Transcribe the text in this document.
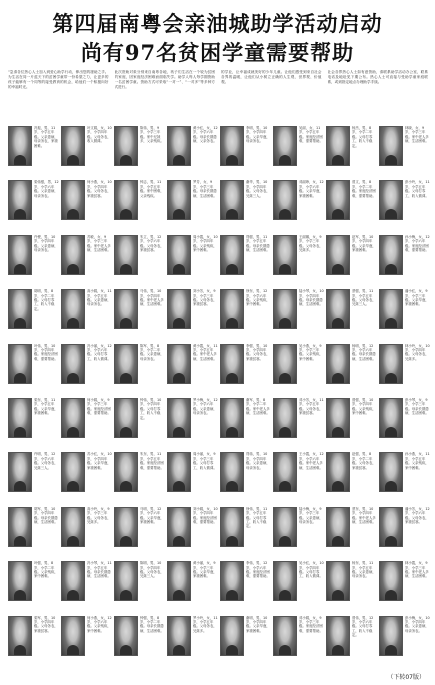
第四届南粤会亲油城助学活动启动
尚有97名贫困学童需要帮助
“急请各位热心人士加入到爱心助学行动，伸出您的援助之手。为生活在同一片蓝天下的贫困学童带一份希望之力，让更多的孩子能够有一个同等的接受教育的机会，给他们一个积极向好的幸福时光。
此次资助对象分别来自南粤各地，孩子们生活在一个较为贫困的家庭，因家庭经济困难而面临失学。助学人每人每学期资助一名贫困学童。资助方式可采取“一对一”、“一对多”等多种方式进行。
的学业，让幸福成就美好的少年儿童。让他们感受到来自社会各界的温暖，让他们从小树立正确的人生观、世界观、价值观。
社会各界热心人士如有意资助，请联系助学活动办公室，联系电话及地址见下期公布。热心人士可直接与受助学童家庭联系，或到指定地点办理助学手续。
冯振，男，11岁，小学五年级。父亲患病，母亲务农，家境困难。
叶文娟，女，10岁，小学四年级。父母务农，收入微薄。
陈伟，男，9岁，小学三年级。家中兄妹多，父亲残疾。
黄小红，女，12岁，小学六年级。母亲长期患病，父亲务农。
李明，男，10岁，小学四年级。父亲早逝，母亲务农。
吴丽，女，11岁，小学五年级。家庭经济困难，需要帮助。
杨杰，男，8岁，小学二年级。父母打零工，收入不稳定。
林晓，女，9岁，小学三年级。家中老人多病，生活困难。
梁伟强，男，12岁，小学六年级。父亲患病，母亲务农。
何小燕，女，10岁，小学四年级。父母务农，家境贫寒。
钟志，男，11岁，小学五年级。家中困难，父亲残疾。
罗芳，女，9岁，小学三年级。母亲长期患病，生活困难。
谢华，男，10岁，小学四年级。父母务农，兄妹三人。
邓丽珍，女，12岁，小学六年级。父亲早逝，家境困难。
曾文，男，8岁，小学二年级。家庭经济困难，需要帮助。
彭小玲，女，11岁，小学五年级。父母打零工，收入微薄。
许俊，男，10岁，小学四年级。父亲患病，母亲务农。
苏敏，女，9岁，小学三年级。家中老人多病，生活困难。
朱立，男，12岁，小学六年级。父母务农，家境贫寒。
周小霞，女，10岁，小学四年级。父亲残疾，家中困难。
郑强，男，11岁，小学五年级。母亲长期患病，生活困难。
王丽娜，女，9岁，小学三年级。父母务农，兄妹多。
赵军，男，10岁，小学四年级。父亲早逝，家境困难。
孙小梅，女，12岁，小学六年级。家庭经济困难，需要帮助。
胡明，男，8岁，小学二年级。父母打零工，收入不稳定。
高小娟，女，11岁，小学五年级。父亲患病，母亲务农。
马伟，男，10岁，小学四年级。家中老人多病，生活困难。
刘小芳，女，9岁，小学三年级。父母务农，家境贫寒。
徐东，男，12岁，小学六年级。父亲残疾，家中困难。
陆小琴，女，10岁，小学四年级。母亲长期患病，生活困难。
蔡强，男，11岁，小学五年级。父母务农，兄妹三人。
潘小红，女，9岁，小学三年级。父亲早逝，家境困难。
叶伟，男，10岁，小学四年级。家庭经济困难，需要帮助。
冯小丽，女，12岁，小学六年级。父母打零工，收入微薄。
陈军，男，8岁，小学二年级。父亲患病，母亲务农。
黄小霞，女，11岁，小学五年级。家中老人多病，生活困难。
李强，男，10岁，小学四年级。父母务农，家境贫寒。
吴小燕，女，9岁，小学三年级。父亲残疾，家中困难。
杨明，男，12岁，小学六年级。母亲长期患病，生活困难。
林小玲，女，10岁，小学四年级。父母务农，兄妹多。
梁东，男，11岁，小学五年级。父亲早逝，家境困难。
何小娟，女，9岁，小学三年级。家庭经济困难，需要帮助。
钟伟，男，10岁，小学四年级。父母打零工，收入不稳定。
罗小梅，女，12岁，小学六年级。父亲患病，母亲务农。
谢军，男，8岁，小学二年级。家中老人多病，生活困难。
邓小芳，女，11岁，小学五年级。父母务农，家境贫寒。
曾强，男，10岁，小学四年级。父亲残疾，家中困难。
彭小琴，女，9岁，小学三年级。母亲长期患病，生活困难。
许明，男，12岁，小学六年级。父母务农，兄妹三人。
苏小红，女，10岁，小学四年级。父亲早逝，家境困难。
朱东，男，11岁，小学五年级。家庭经济困难，需要帮助。
周小丽，女，9岁，小学三年级。父母打零工，收入微薄。
郑伟，男，10岁，小学四年级。父亲患病，母亲务农。
王小霞，女，12岁，小学六年级。家中老人多病，生活困难。
赵强，男，8岁，小学二年级。父母务农，家境贫寒。
孙小燕，女，11岁，小学五年级。父亲残疾，家中困难。
胡军，男，10岁，小学四年级。母亲长期患病，生活困难。
高小玲，女，9岁，小学三年级。父母务农，兄妹多。
马明，男，12岁，小学六年级。父亲早逝，家境困难。
刘小娟，女，10岁，小学四年级。家庭经济困难，需要帮助。
徐伟，男，11岁，小学五年级。父母打零工，收入不稳定。
陆小梅，女，9岁，小学三年级。父亲患病，母亲务农。
蔡东，男，10岁，小学四年级。家中老人多病，生活困难。
潘小芳，女，12岁，小学六年级。父母务农，家境贫寒。
叶强，男，8岁，小学二年级。父亲残疾，家中困难。
冯小琴，女，11岁，小学五年级。母亲长期患病，生活困难。
陈明，男，10岁，小学四年级。父母务农，兄妹三人。
黄小丽，女，9岁，小学三年级。父亲早逝，家境困难。
李伟，男，12岁，小学六年级。家庭经济困难，需要帮助。
吴小红，女，10岁，小学四年级。父母打零工，收入微薄。
杨东，男，11岁，小学五年级。父亲患病，母亲务农。
林小霞，女，9岁，小学三年级。家中老人多病，生活困难。
梁军，男，10岁，小学四年级。父母务农，家境贫寒。
何小燕，女，12岁，小学六年级。父亲残疾，家中困难。
钟强，男，8岁，小学二年级。母亲长期患病，生活困难。
罗小玲，女，11岁，小学五年级。父母务农，兄妹多。
谢明，男，10岁，小学四年级。父亲早逝，家境困难。
邓小娟，女，9岁，小学三年级。家庭经济困难，需要帮助。
曾伟，男，12岁，小学六年级。父母打零工，收入不稳定。
彭小梅，女，10岁，小学四年级。父亲患病，母亲务农。
（下转07版）
